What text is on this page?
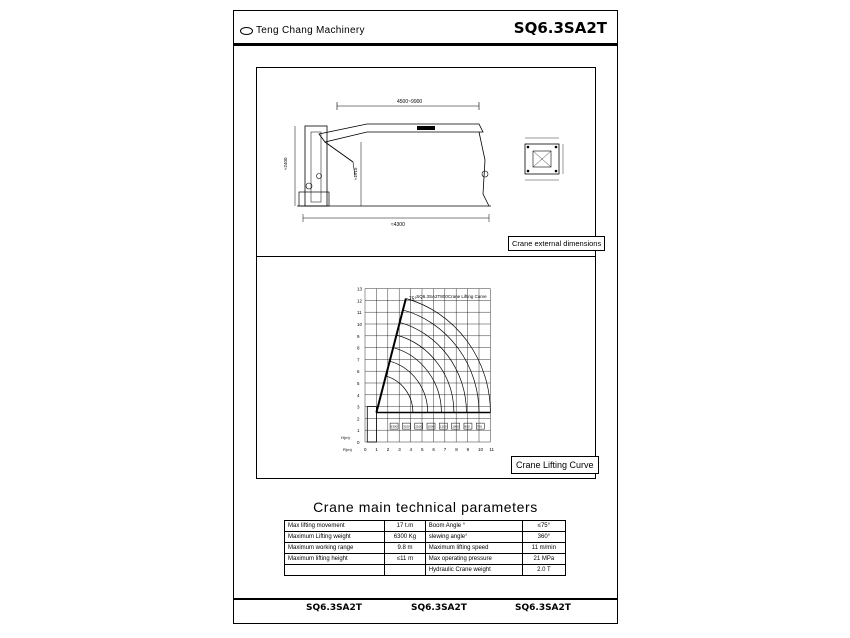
Teng Chang Machinery	SQ6.3SA2T
4500~9900
≈2400
≈1915
≈4300
13
12
11
10
9
8
7
6
5
4
3
2
1
0
0 1 2 3 4 5 6 7 8 9 10 11
H(m)
R(m)
SQ6.3SA2T800Crane Lifting Curve
75°
6300 3150 2100 1500 1200 1000 850 700
Crane external dimensions
Crane Lifting Curve
Crane main technical parameters
Max lifting movement	17 t.m	Boom Angle °	≤75°
Maximum Lifting weight	6300 Kg	slewing angle°	360°
Maximum working range	9.8 m	Maximum lifting speed	11 m/min
Maximum lifting height	≤11 m	Max operating pressure	21 MPa
		Hydraulic Crane weight	2.0 T
SQ6.3SA2T	SQ6.3SA2T	SQ6.3SA2T
